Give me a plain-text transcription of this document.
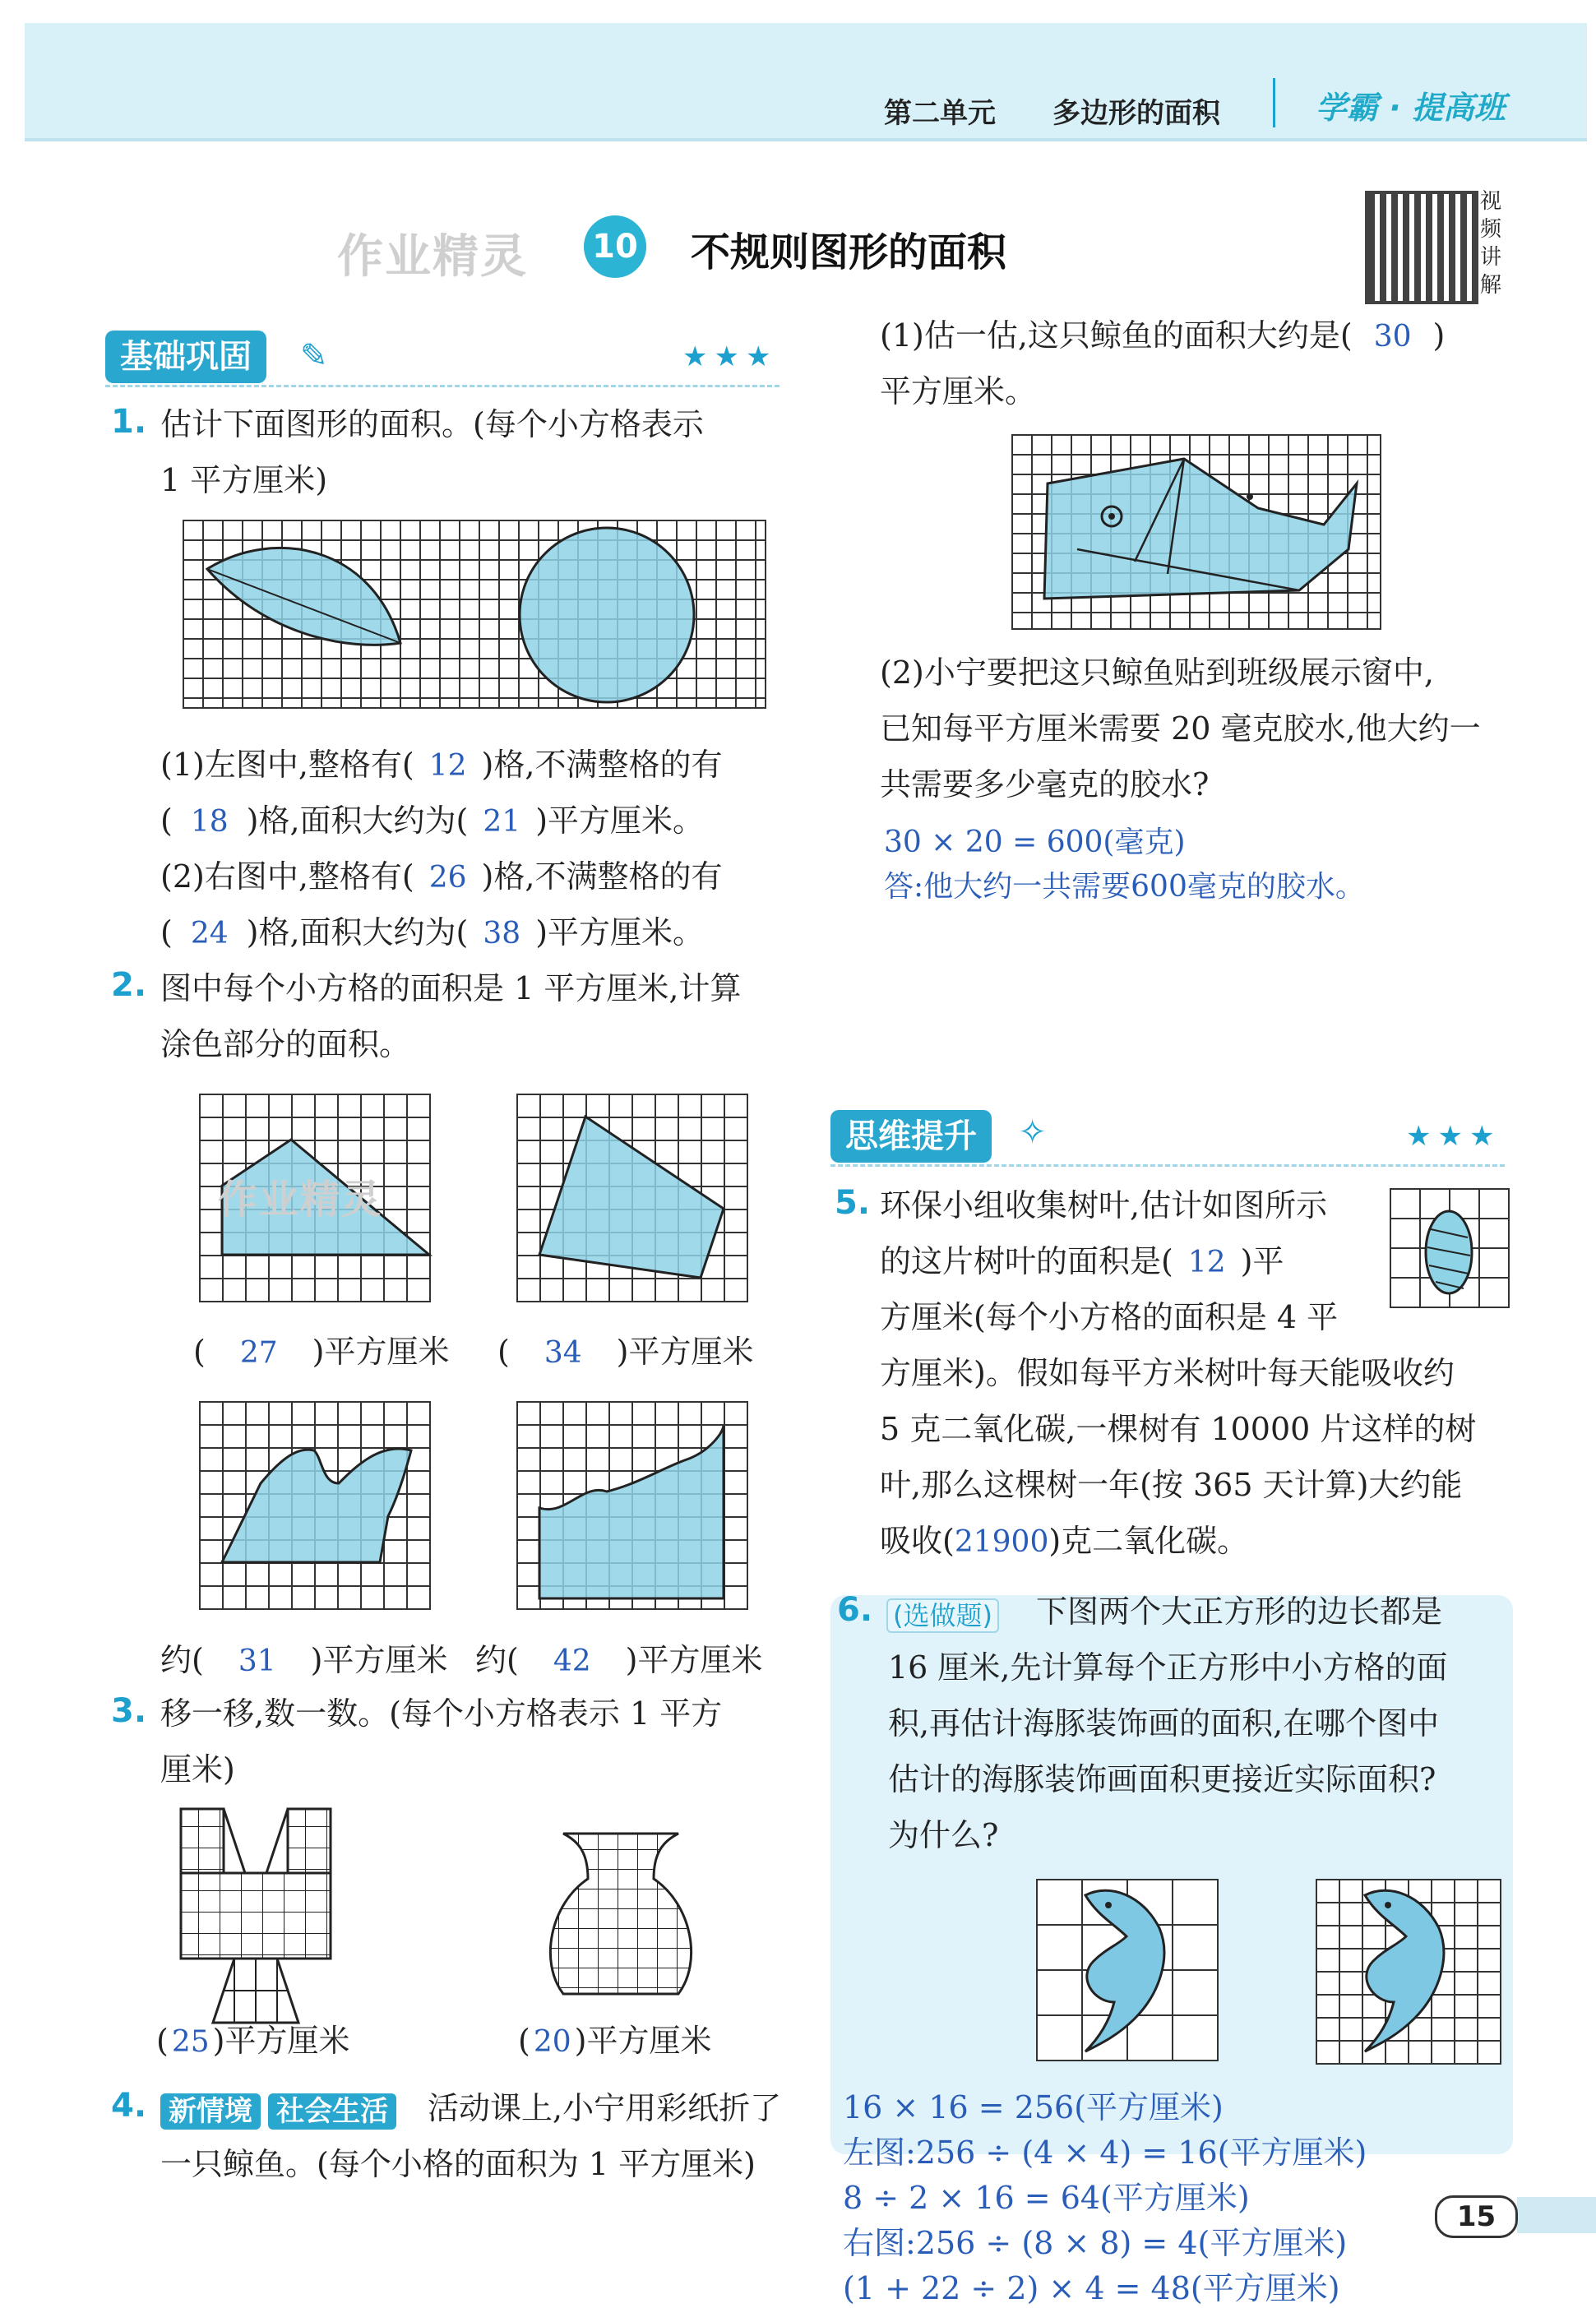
第二单元 多边形的面积	学霸 · 提高班
作业精灵 10 不规则图形的面积
视频讲解
基础巩固	✎	★★★
1. 估计下面图形的面积。(每个小方格表示
1 平方厘米)
(1)左图中,整格有( 12 )格,不满整格的有
( 18 )格,面积大约为( 21 )平方厘米。
(2)右图中,整格有( 26 )格,不满整格的有
( 24 )格,面积大约为( 38 )平方厘米。
2. 图中每个小方格的面积是 1 平方厘米,计算
涂色部分的面积。
作业精灵
( 27 )平方厘米 ( 34 )平方厘米
约( 31 )平方厘米 约( 42 )平方厘米
3. 移一移,数一数。(每个小方格表示 1 平方
厘米)
( 25 )平方厘米	( 20 )平方厘米
4. 新情境 社会生活 活动课上,小宁用彩纸折了
一只鲸鱼。(每个小格的面积为 1 平方厘米)
(1)估一估,这只鲸鱼的面积大约是( 30 )
平方厘米。
(2)小宁要把这只鲸鱼贴到班级展示窗中,
已知每平方厘米需要 20 毫克胶水,他大约一
共需要多少毫克的胶水?
30 × 20 = 600(毫克)
答:他大约一共需要600毫克的胶水。
思维提升	✧	★★★
5. 环保小组收集树叶,估计如图所示
的这片树叶的面积是( 12 )平
方厘米(每个小方格的面积是 4 平
方厘米)。假如每平方米树叶每天能吸收约
5 克二氧化碳,一棵树有 10000 片这样的树
叶,那么这棵树一年(按 365 天计算)大约能
吸收(21900)克二氧化碳。
6. (选做题) 下图两个大正方形的边长都是
16 厘米,先计算每个正方形中小方格的面
积,再估计海豚装饰画的面积,在哪个图中
估计的海豚装饰画面积更接近实际面积?
为什么?
16 × 16 = 256(平方厘米)
左图:256 ÷ (4 × 4) = 16(平方厘米)
8 ÷ 2 × 16 = 64(平方厘米)
右图:256 ÷ (8 × 8) = 4(平方厘米)
(1 + 22 ÷ 2) × 4 = 48(平方厘米)
15
